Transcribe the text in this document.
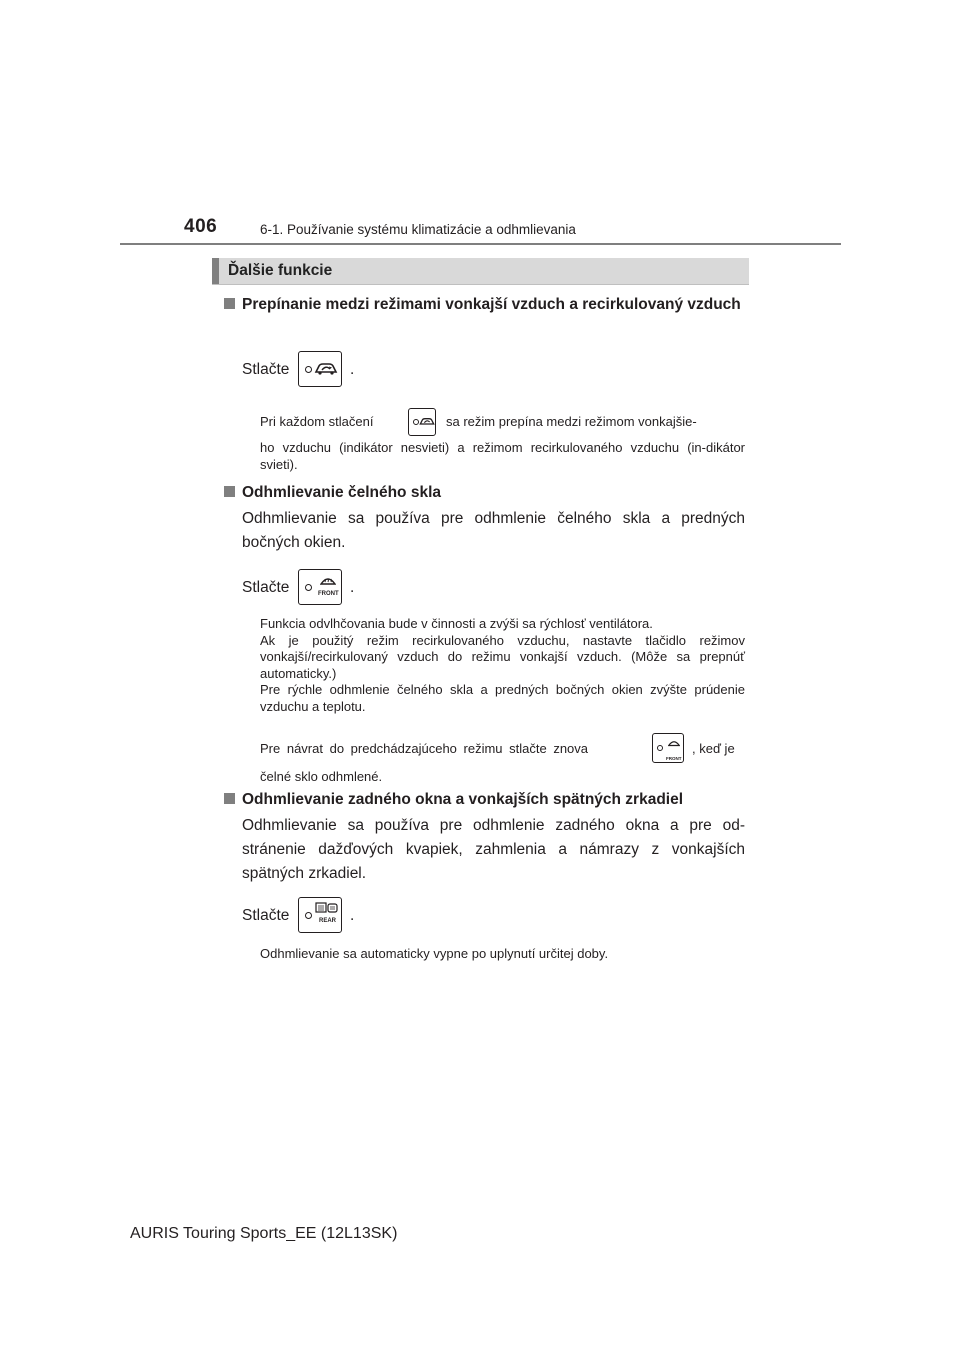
406	6-1. Používanie systému klimatizácie a odhmlievania
Ďalšie funkcie
Prepínanie medzi režimami vonkajší vzduch a recirkulovaný vzduch
Stlačte	.
Pri každom stlačení	sa režim prepína medzi režimom vonkajšie-
ho vzduchu (indikátor nesvieti) a režimom recirkulovaného vzduchu (in-dikátor svieti).
Odhmlievanie čelného skla
Odhmlievanie sa používa pre odhmlenie čelného skla a predných bočných okien.
Stlačte	FRONT .
Funkcia odvlhčovania bude v činnosti a zvýši sa rýchlosť ventilátora.
Ak je použitý režim recirkulovaného vzduchu, nastavte tlačidlo režimov vonkajší/recirkulovaný vzduch do režimu vonkajší vzduch. (Môže sa prepnúť automaticky.)
Pre rýchle odhmlenie čelného skla a predných bočných okien zvýšte prúdenie vzduchu a teplotu.
Pre návrat do predchádzajúceho režimu stlačte znova
FRONT
, keď je
čelné sklo odhmlené.
Odhmlievanie zadného okna a vonkajších spätných zrkadiel
Odhmlievanie sa používa pre odhmlenie zadného okna a pre od-stránenie dažďových kvapiek, zahmlenia a námrazy z vonkajších spätných zrkadiel.
Stlačte	REAR .
Odhmlievanie sa automaticky vypne po uplynutí určitej doby.
AURIS Touring Sports_EE (12L13SK)
